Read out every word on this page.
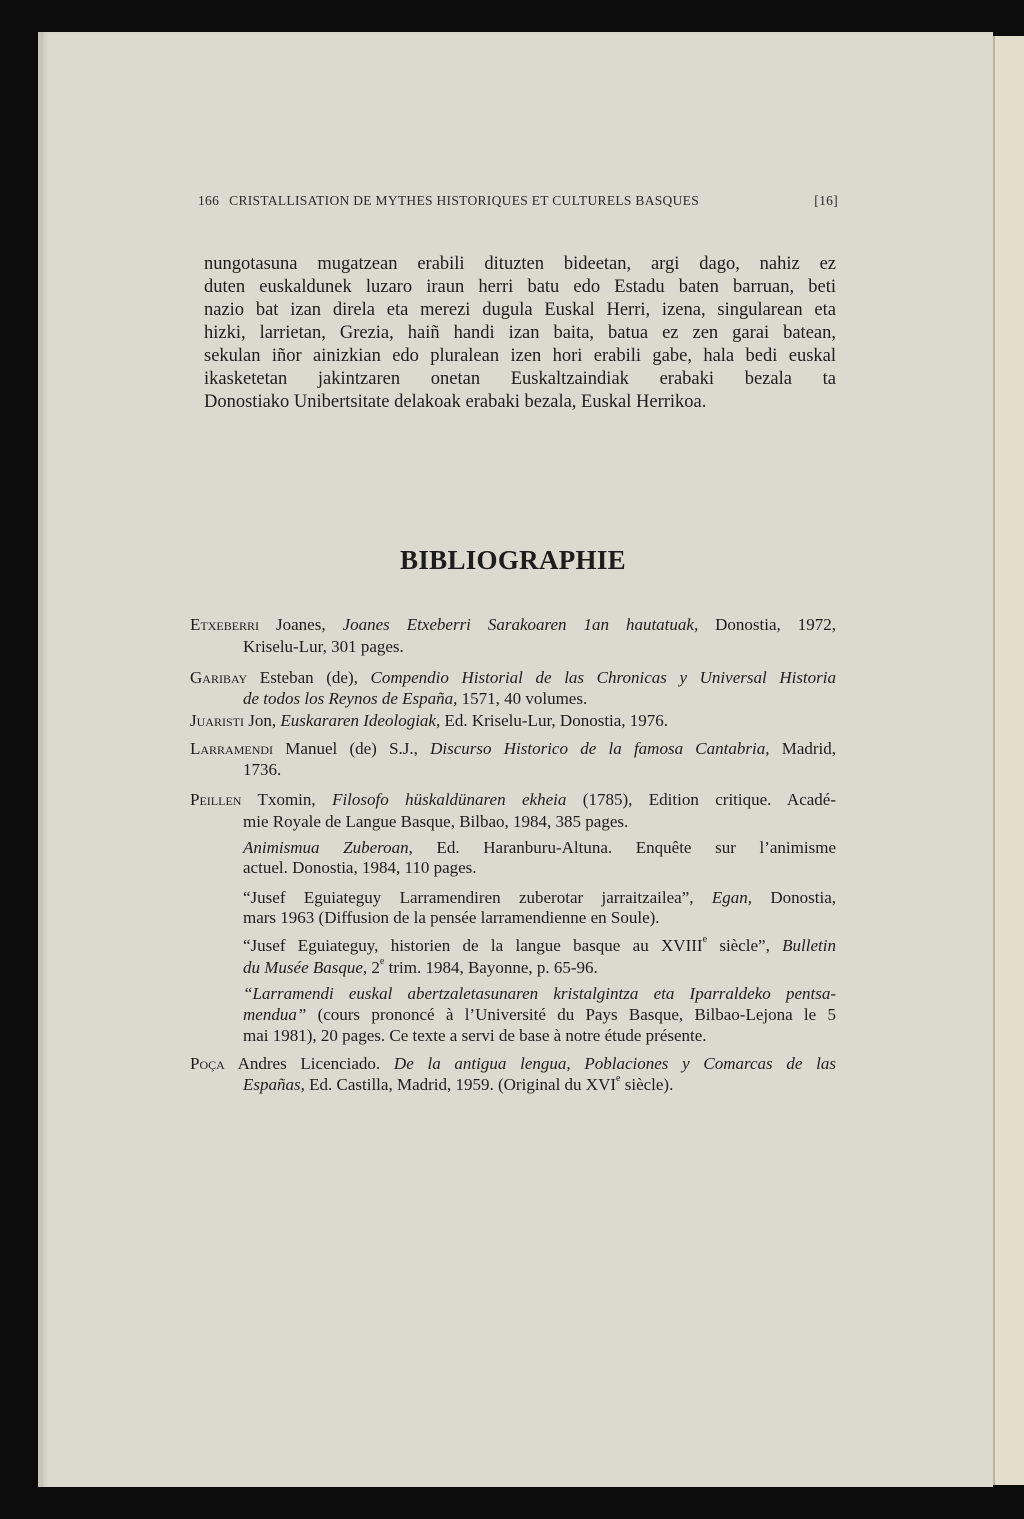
166 CRISTALLISATION DE MYTHES HISTORIQUES ET CULTURELS BASQUES	[16]
nungotasuna mugatzean erabili dituzten bideetan, argi dago, nahiz ez
duten euskaldunek luzaro iraun herri batu edo Estadu baten barruan, beti
nazio bat izan direla eta merezi dugula Euskal Herri, izena, singularean eta
hizki, larrietan, Grezia, haiñ handi izan baita, batua ez zen garai batean,
sekulan iñor ainizkian edo pluralean izen hori erabili gabe, hala bedi euskal
ikasketetan jakintzaren onetan Euskaltzaindiak erabaki bezala ta
Donostiako Unibertsitate delakoak erabaki bezala, Euskal Herrikoa.
BIBLIOGRAPHIE
Etxeberri Joanes, Joanes Etxeberri Sarakoaren 1an hautatuak, Donostia, 1972,
Kriselu-Lur, 301 pages.
Garibay Esteban (de), Compendio Historial de las Chronicas y Universal Historia
de todos los Reynos de España, 1571, 40 volumes.
Juaristi Jon, Euskararen Ideologiak, Ed. Kriselu-Lur, Donostia, 1976.
Larramendi Manuel (de) S.J., Discurso Historico de la famosa Cantabria, Madrid,
1736.
Peillen Txomin, Filosofo hüskaldünaren ekheia (1785), Edition critique. Acadé-
mie Royale de Langue Basque, Bilbao, 1984, 385 pages.
Animismua Zuberoan, Ed. Haranburu-Altuna. Enquête sur l’animisme
actuel. Donostia, 1984, 110 pages.
“Jusef Eguiateguy Larramendiren zuberotar jarraitzailea”, Egan, Donostia,
mars 1963 (Diffusion de la pensée larramendienne en Soule).
“Jusef Eguiateguy, historien de la langue basque au XVIIIe siècle”, Bulletin
du Musée Basque, 2e trim. 1984, Bayonne, p. 65-96.
“Larramendi euskal abertzaletasunaren kristalgintza eta Iparraldeko pentsa-
mendua” (cours prononcé à l’Université du Pays Basque, Bilbao-Lejona le 5
mai 1981), 20 pages. Ce texte a servi de base à notre étude présente.
Poça Andres Licenciado. De la antigua lengua, Poblaciones y Comarcas de las
Españas, Ed. Castilla, Madrid, 1959. (Original du XVIe siècle).
